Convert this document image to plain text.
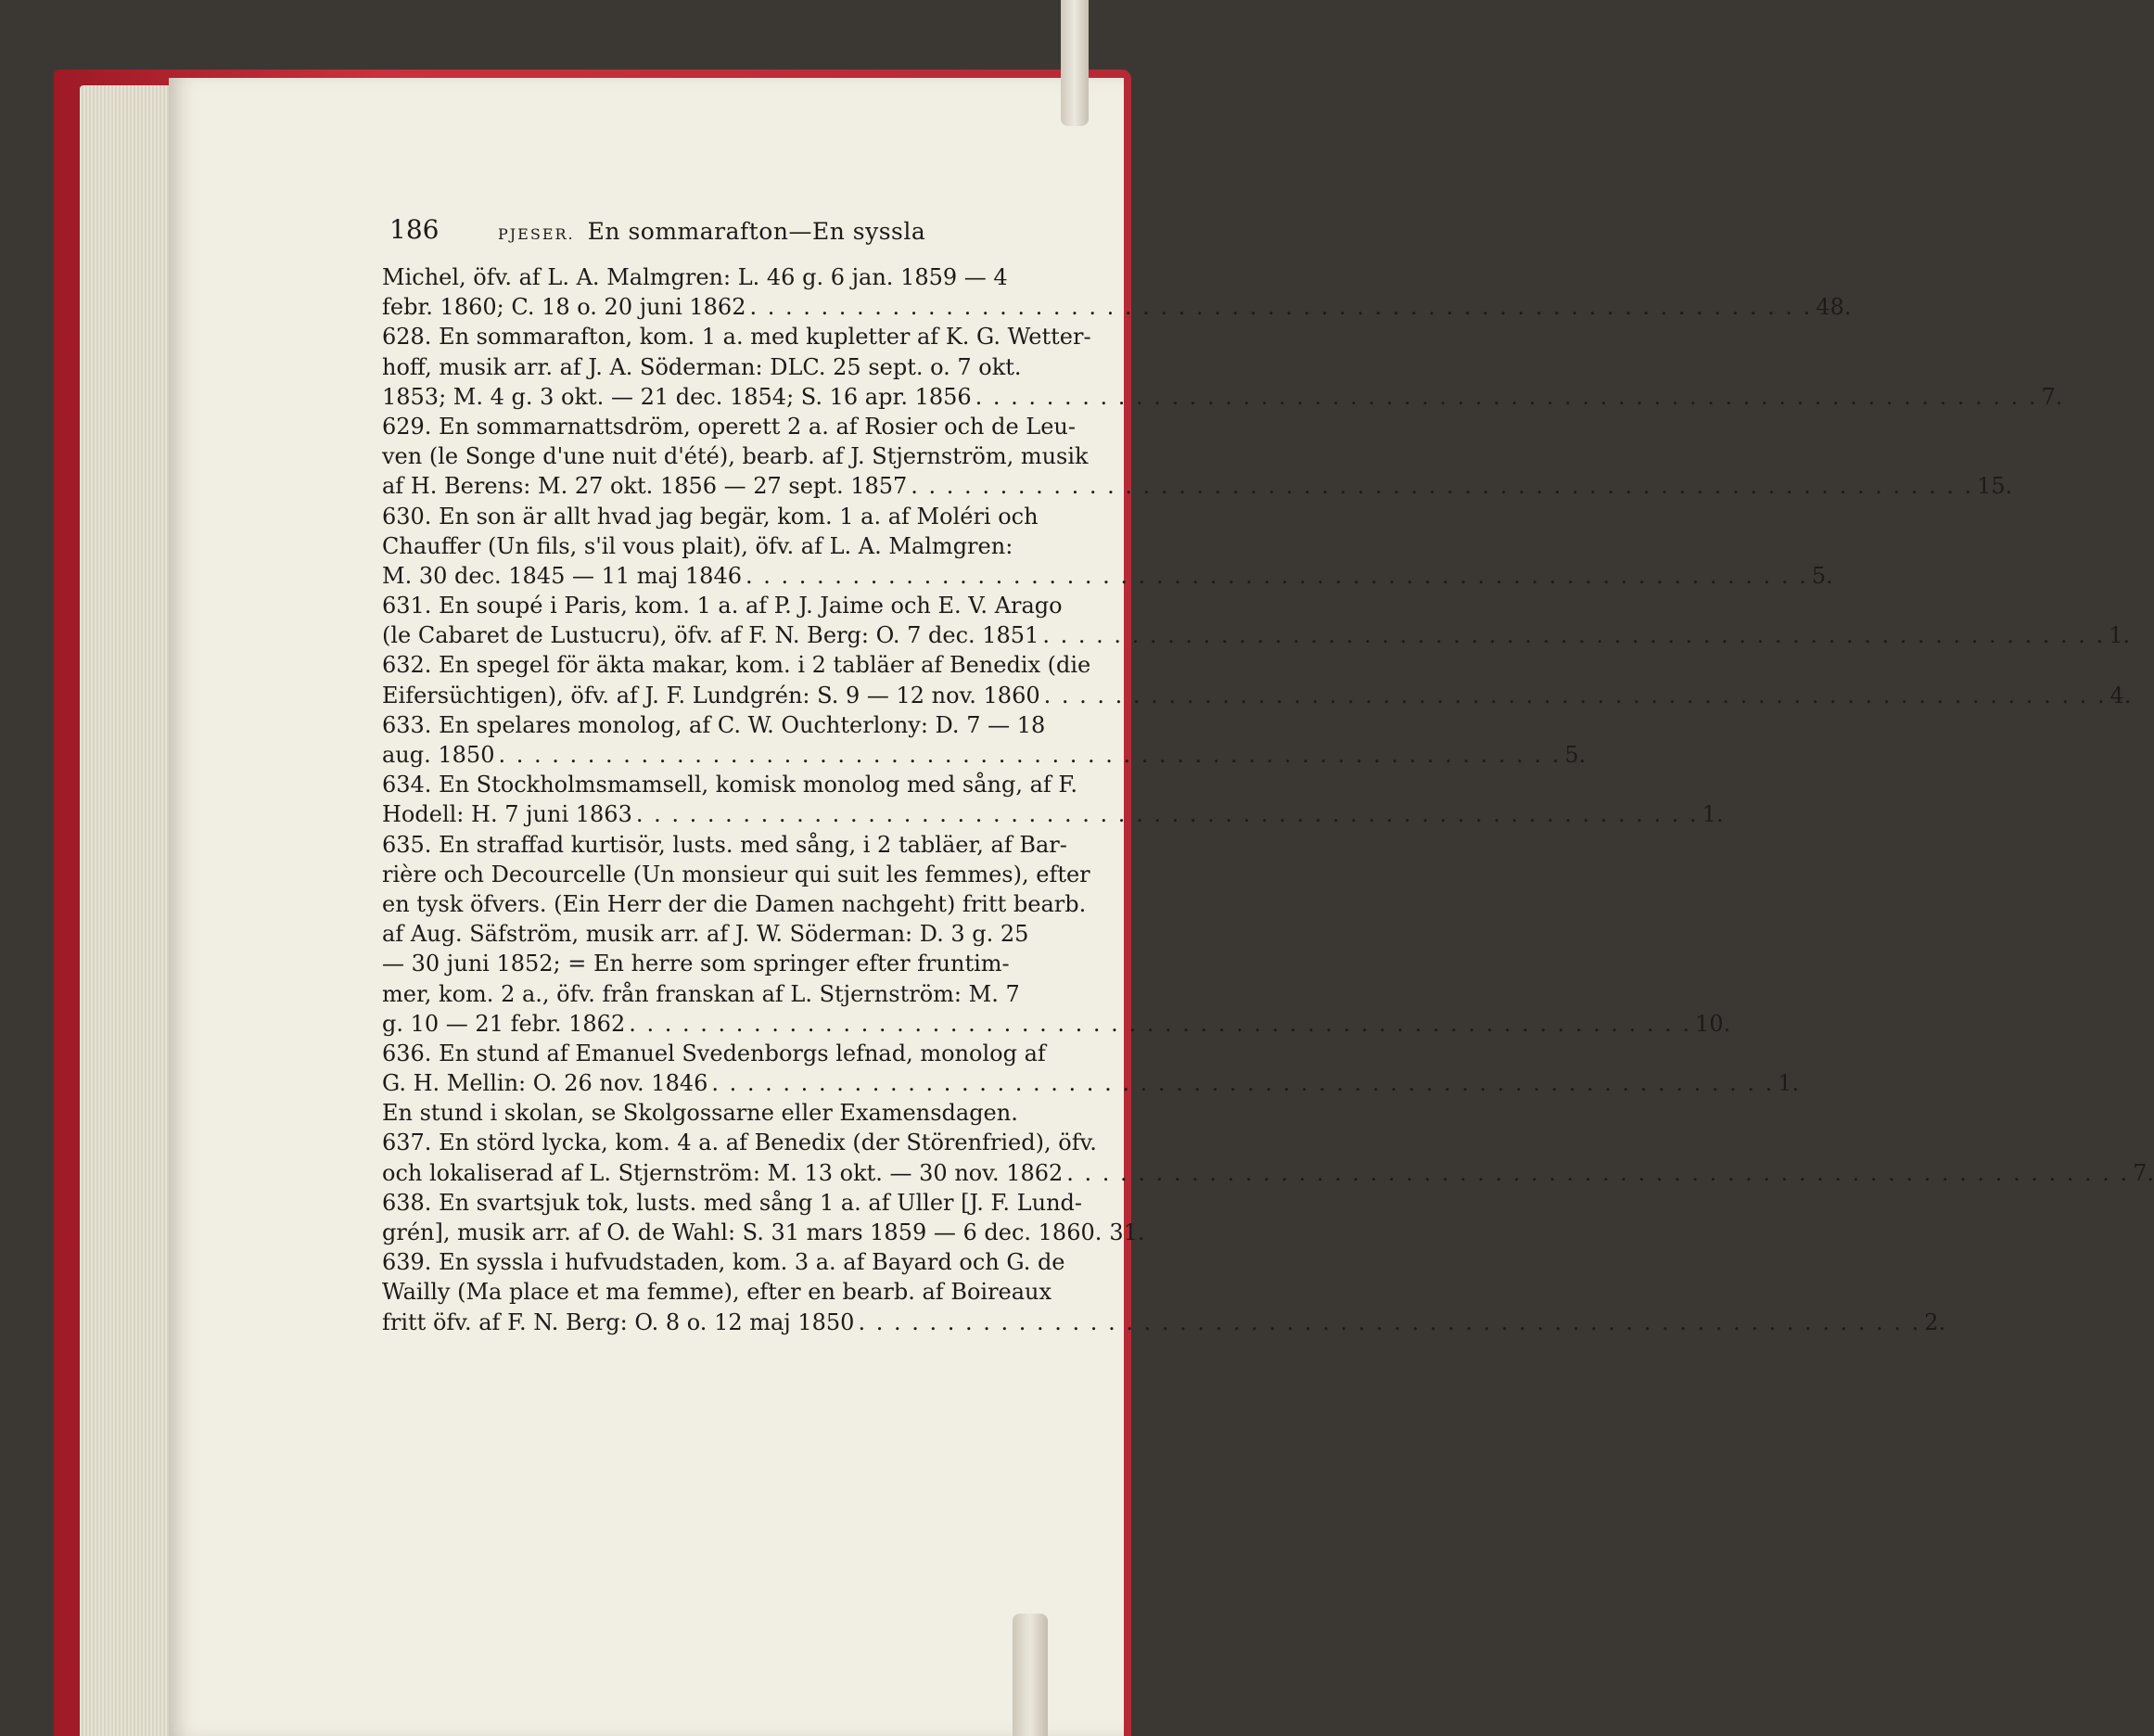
186	PJESER. En sommarafton—En syssla
Michel, öfv. af L. A. Malmgren: L. 46 g. 6 jan. 1859 — 4
febr. 1860; C. 18 o. 20 juni 1862 . . .	48.
628. En sommarafton, kom. 1 a. med kupletter af K. G. Wetter-
hoff, musik arr. af J. A. Söderman: DLC. 25 sept. o. 7 okt.
1853; M. 4 g. 3 okt. — 21 dec. 1854; S. 16 apr. 1856 . . .	7.
629. En sommarnattsdröm, operett 2 a. af Rosier och de Leu-
ven (le Songe d'une nuit d'été), bearb. af J. Stjernström, musik
af H. Berens: M. 27 okt. 1856 — 27 sept. 1857 . . .	15.
630. En son är allt hvad jag begär, kom. 1 a. af Moléri och
Chauffer (Un fils, s'il vous plait), öfv. af L. A. Malmgren:
M. 30 dec. 1845 — 11 maj 1846 . . .	5.
631. En soupé i Paris, kom. 1 a. af P. J. Jaime och E. V. Arago
(le Cabaret de Lustucru), öfv. af F. N. Berg: O. 7 dec. 1851 . . .	1.
632. En spegel för äkta makar, kom. i 2 tabläer af Benedix (die
Eifersüchtigen), öfv. af J. F. Lundgrén: S. 9 — 12 nov. 1860 . . .	4.
633. En spelares monolog, af C. W. Ouchterlony: D. 7 — 18
aug. 1850 . . .	5.
634. En Stockholmsmamsell, komisk monolog med sång, af F.
Hodell: H. 7 juni 1863 . . .	1.
635. En straffad kurtisör, lusts. med sång, i 2 tabläer, af Bar-
rière och Decourcelle (Un monsieur qui suit les femmes), efter
en tysk öfvers. (Ein Herr der die Damen nachgeht) fritt bearb.
af Aug. Säfström, musik arr. af J. W. Söderman: D. 3 g. 25
— 30 juni 1852; = En herre som springer efter fruntim-
mer, kom. 2 a., öfv. från franskan af L. Stjernström: M. 7
g. 10 — 21 febr. 1862 . . .	10.
636. En stund af Emanuel Svedenborgs lefnad, monolog af
G. H. Mellin: O. 26 nov. 1846 . . .	1.
En stund i skolan, se Skolgossarne eller Examensdagen.
637. En störd lycka, kom. 4 a. af Benedix (der Störenfried), öfv.
och lokaliserad af L. Stjernström: M. 13 okt. — 30 nov. 1862 . . .	7.
638. En svartsjuk tok, lusts. med sång 1 a. af Uller [J. F. Lund-
grén], musik arr. af O. de Wahl: S. 31 mars 1859 — 6 dec. 1860. 31.
639. En syssla i hufvudstaden, kom. 3 a. af Bayard och G. de
Wailly (Ma place et ma femme), efter en bearb. af Boireaux
fritt öfv. af F. N. Berg: O. 8 o. 12 maj 1850 . . .	2.
